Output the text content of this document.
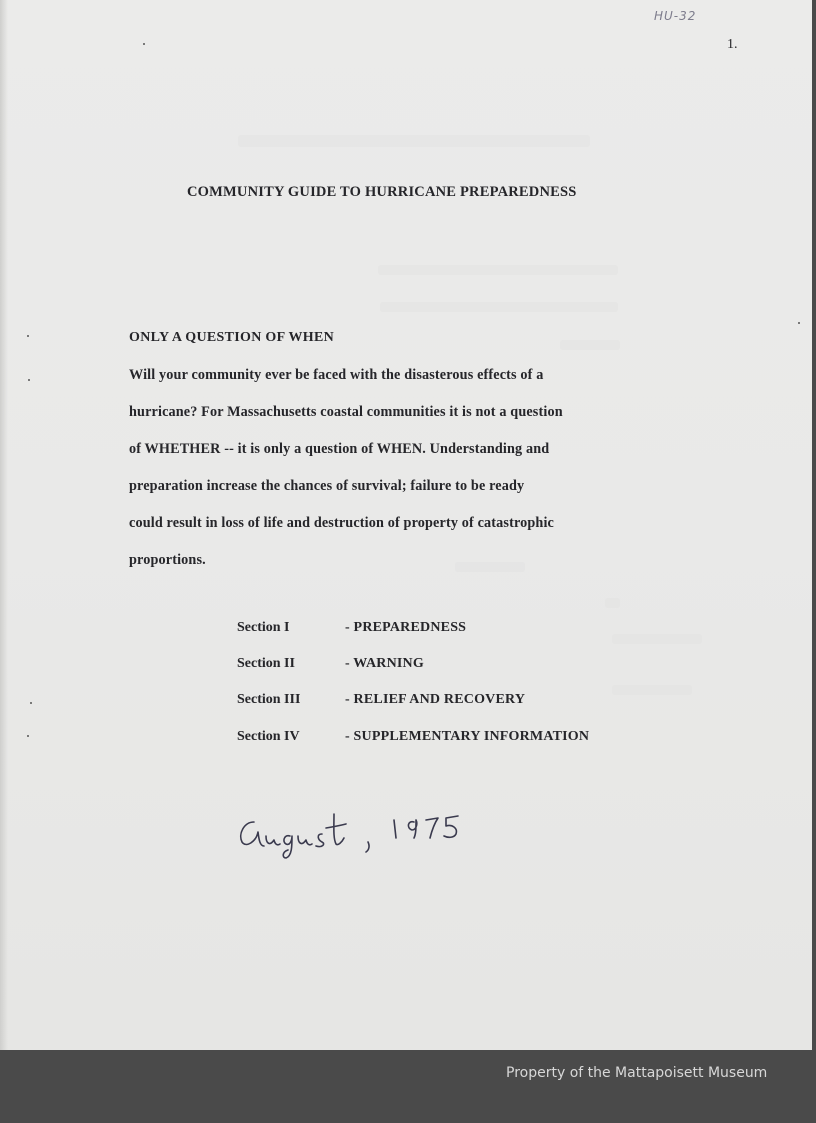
HU-32
1.
COMMUNITY GUIDE TO HURRICANE PREPAREDNESS
ONLY A QUESTION OF WHEN
Will your community ever be faced with the disasterous effects of a
hurricane? For Massachusetts coastal communities it is not a question
of WHETHER -- it is only a question of WHEN. Understanding and
preparation increase the chances of survival; failure to be ready
could result in loss of life and destruction of property of catastrophic
proportions.
Section I	- PREPAREDNESS
Section II	- WARNING
Section III	- RELIEF AND RECOVERY
Section IV	- SUPPLEMENTARY INFORMATION
Property of the Mattapoisett Museum
